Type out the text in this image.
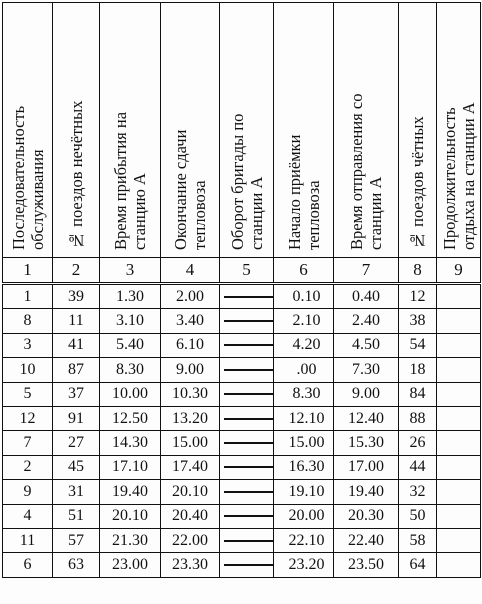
Последовательность
обслуживания	№ поездов нечётных	Время прибытия на
станцию А	Окончание сдачи
тепловоза	Оборот бригады по
станции А	Начало приёмки
тепловоза	Время отправления со
станции А	№ поездов чётных	Продолжительность
отдыха на станции А
1	2	3	4	5	6	7	8	9
1	39	1.30	2.00		0.10	0.40	12	
8	11	3.10	3.40		2.10	2.40	38	
3	41	5.40	6.10		4.20	4.50	54	
10	87	8.30	9.00		.00	7.30	18	
5	37	10.00	10.30		8.30	9.00	84	
12	91	12.50	13.20		12.10	12.40	88	
7	27	14.30	15.00		15.00	15.30	26	
2	45	17.10	17.40		16.30	17.00	44	
9	31	19.40	20.10		19.10	19.40	32	
4	51	20.10	20.40		20.00	20.30	50	
11	57	21.30	22.00		22.10	22.40	58	
6	63	23.00	23.30		23.20	23.50	64	
